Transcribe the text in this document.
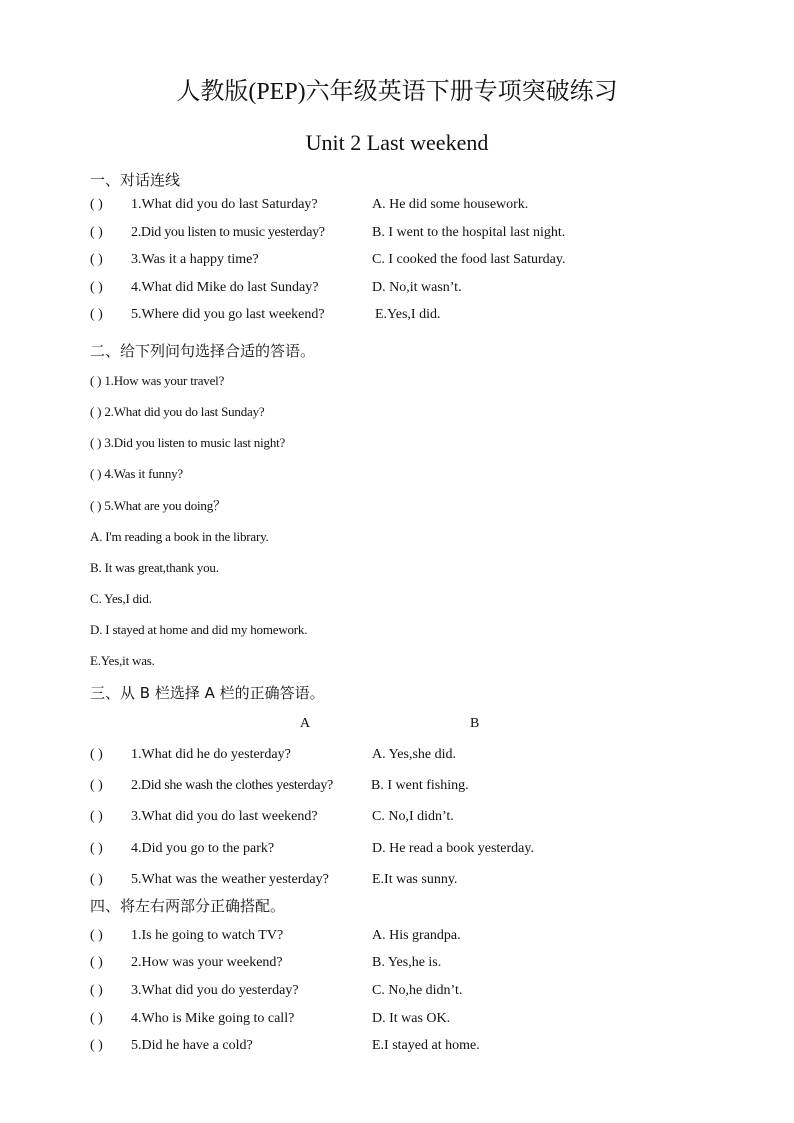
人教版(PEP)六年级英语下册专项突破练习
Unit 2 Last weekend
一、对话连线
( ) 1.What did you do last Saturday?	A. He did some housework.
( ) 2.Did you listen to music yesterday?	B. I went to the hospital last night.
( ) 3.Was it a happy time?	C. I cooked the food last Saturday.
( ) 4.What did Mike do last Sunday?	D. No,it wasn’t.
( ) 5.Where did you go last weekend?	E.Yes,I did.
二、给下列问句选择合适的答语。
( ) 1.How was your travel?
( ) 2.What did you do last Sunday?
( ) 3.Did you listen to music last night?
( ) 4.Was it funny?
( ) 5.What are you doing？
A. I'm reading a book in the library.
B. It was great,thank you.
C. Yes,I did.
D. I stayed at home and did my homework.
E.Yes,it was.
三、从 B 栏选择 A 栏的正确答语。
A	B
( ) 1.What did he do yesterday?	A. Yes,she did.
( ) 2.Did she wash the clothes yesterday?	B. I went fishing.
( ) 3.What did you do last weekend?	C. No,I didn’t.
( ) 4.Did you go to the park?	D. He read a book yesterday.
( ) 5.What was the weather yesterday?	E.It was sunny.
四、将左右两部分正确搭配。
( ) 1.Is he going to watch TV?	A. His grandpa.
( ) 2.How was your weekend?	B. Yes,he is.
( ) 3.What did you do yesterday?	C. No,he didn’t.
( ) 4.Who is Mike going to call?	D. It was OK.
( ) 5.Did he have a cold?	E.I stayed at home.
